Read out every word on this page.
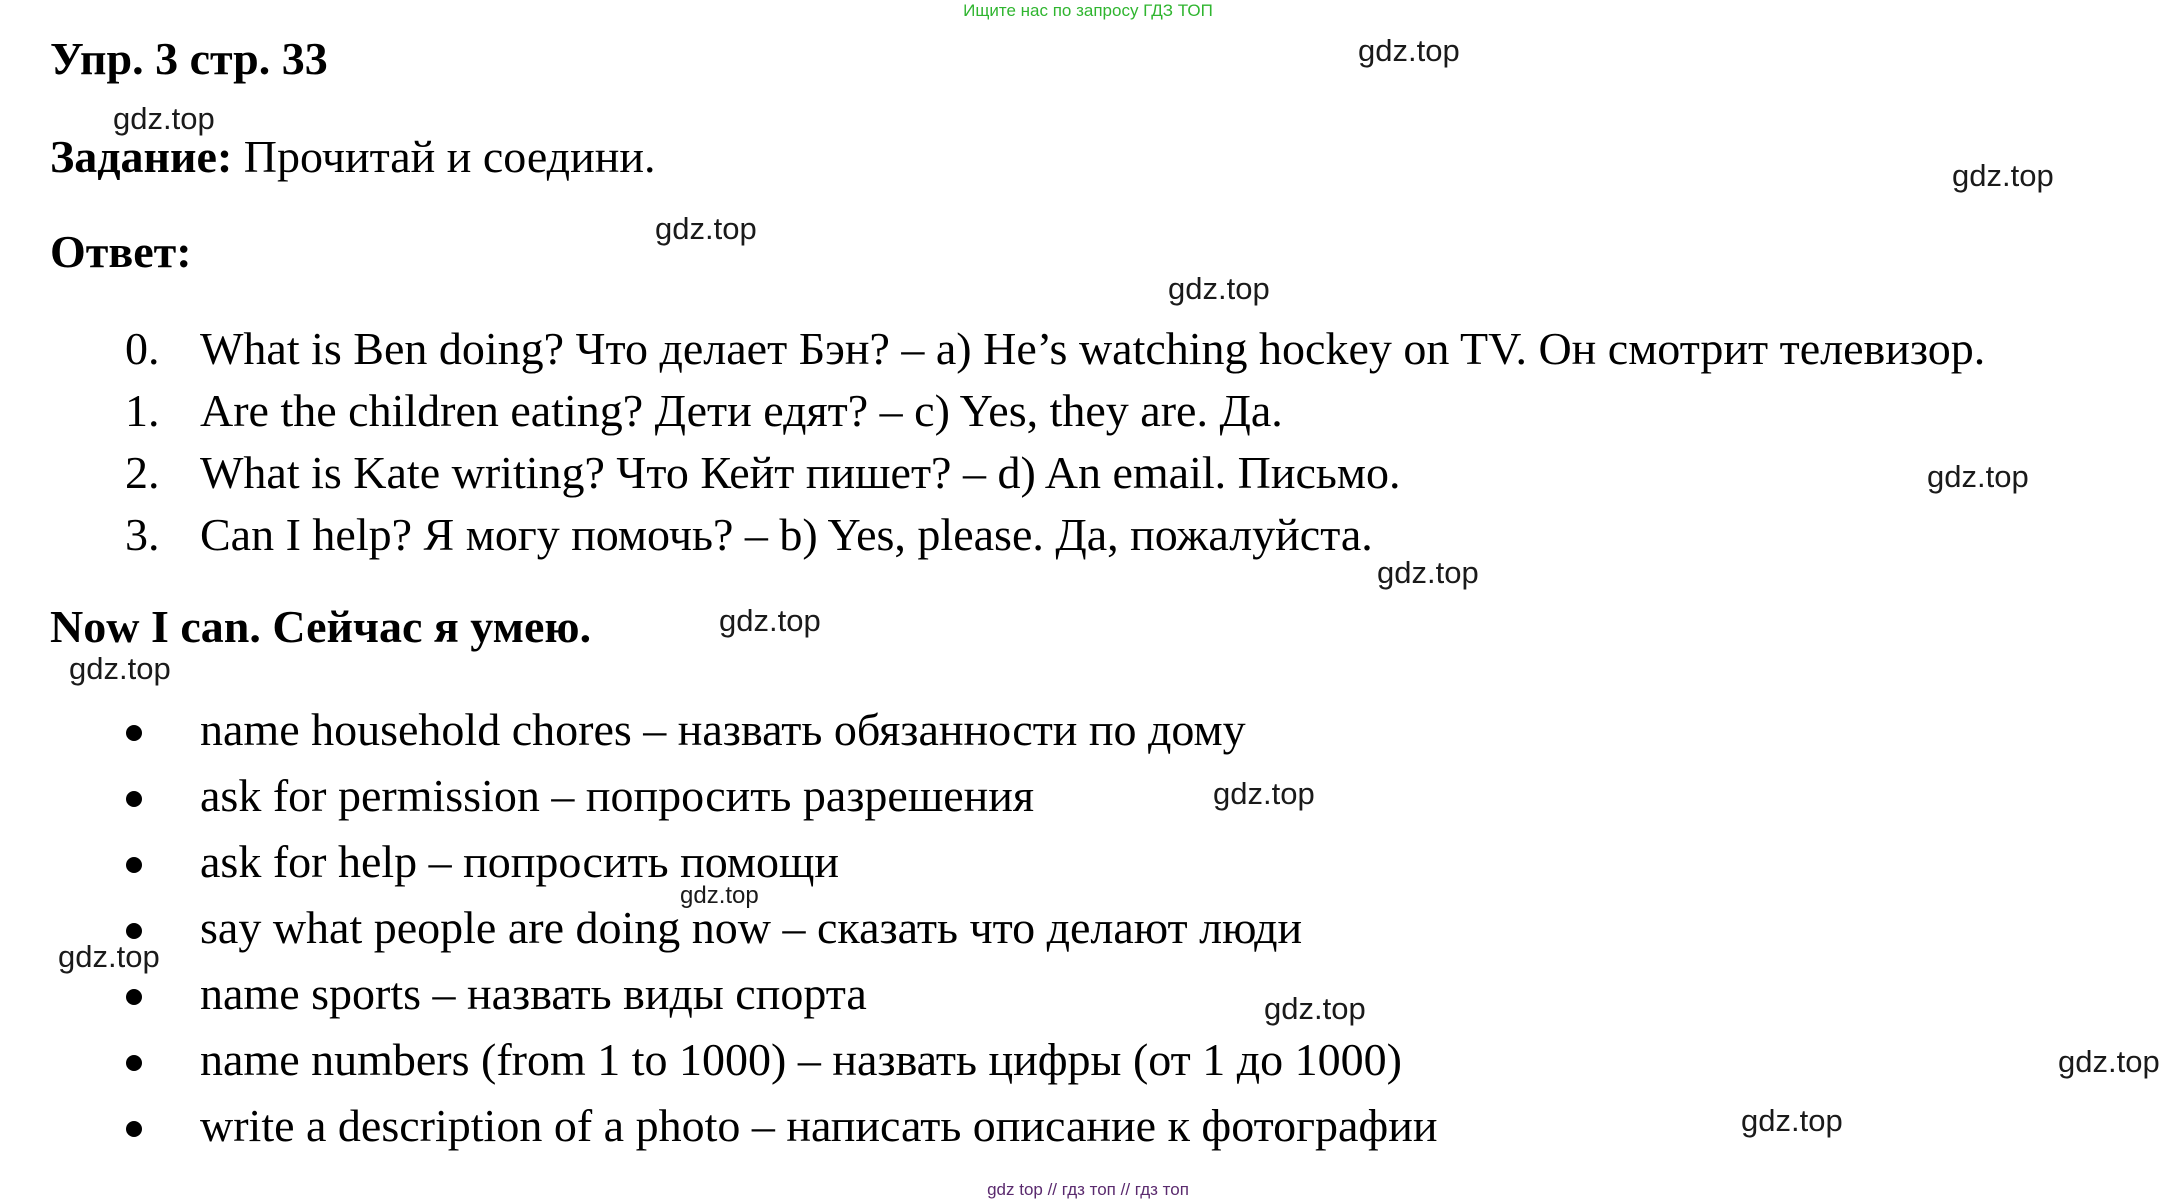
Ищите нас по запросу ГДЗ ТОП
Упр. 3 стр. 33
Задание: Прочитай и соедини.
Ответ:
0. What is Ben doing? Что делает Бэн? – a) He’s watching hockey on TV. Он смотрит телевизор.
1. Are the children eating? Дети едят? – c) Yes, they are. Да.
2. What is Kate writing? Что Кейт пишет? – d) An email. Письмо.
3. Can I help? Я могу помочь? – b) Yes, please. Да, пожалуйста.
Now I can. Сейчас я умею.
name household chores – назвать обязанности по дому
ask for permission – попросить разрешения
ask for help – попросить помощи
say what people are doing now – сказать что делают люди
name sports – назвать виды спорта
name numbers (from 1 to 1000) – назвать цифры (от 1 до 1000)
write a description of a photo – написать описание к фотографии
gdz.top
gdz.top
gdz.top
gdz.top
gdz.top
gdz.top
gdz.top
gdz.top
gdz.top
gdz.top
gdz.top
gdz.top
gdz.top
gdz.top
gdz.top
gdz top // гдз топ // гдз топ
